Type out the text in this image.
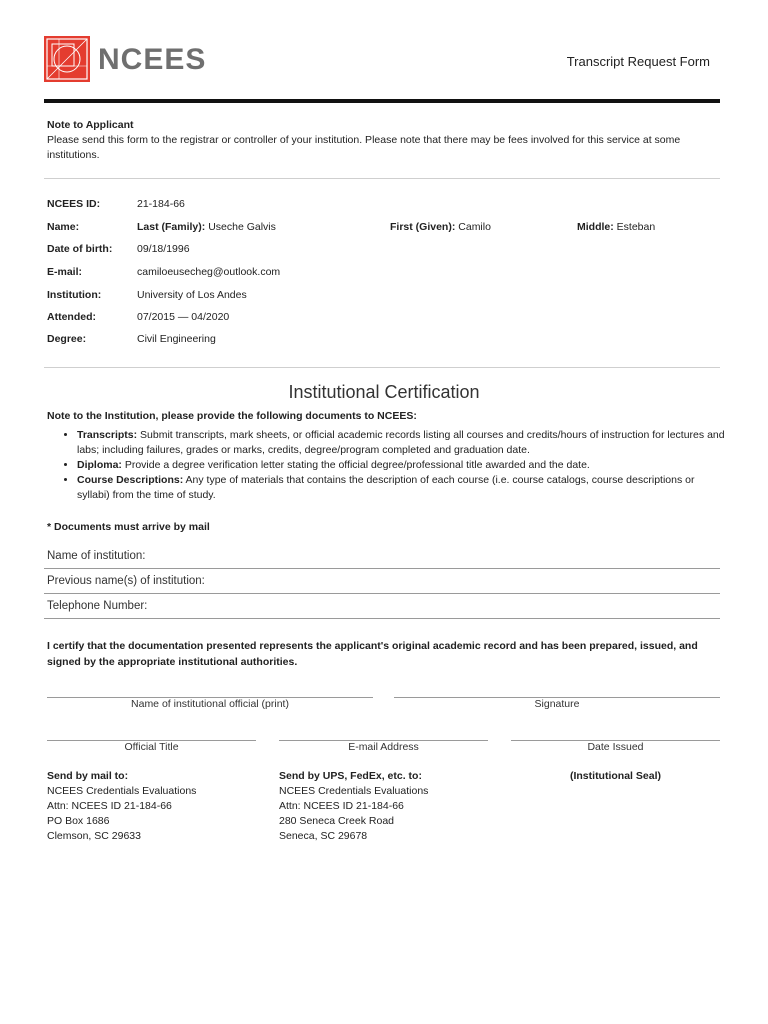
NCEES	Transcript Request Form
Note to Applicant
Please send this form to the registrar or controller of your institution. Please note that there may be fees involved for this service at some institutions.
NCEES ID:	21-184-66
Name:	Last (Family): Useche Galvis	First (Given): Camilo	Middle: Esteban
Date of birth: 09/18/1996
E-mail:	camiloeusecheg@outlook.com
Institution:	University of Los Andes
Attended:	07/2015 — 04/2020
Degree:	Civil Engineering
Institutional Certification
Note to the Institution, please provide the following documents to NCEES:
• Transcripts: Submit transcripts, mark sheets, or official academic records listing all courses and credits/hours of instruction for lectures and labs; including failures, grades or marks, credits, degree/program completed and graduation date.
• Diploma: Provide a degree verification letter stating the official degree/professional title awarded and the date.
• Course Descriptions: Any type of materials that contains the description of each course (i.e. course catalogs, course descriptions or syllabi) from the time of study.
* Documents must arrive by mail
Name of institution:
Previous name(s) of institution:
Telephone Number:
I certify that the documentation presented represents the applicant's original academic record and has been prepared, issued, and signed by the appropriate institutional authorities.
Name of institutional official (print)	Signature
Official Title	E-mail Address	Date Issued
Send by mail to:
NCEES Credentials Evaluations
Attn: NCEES ID 21-184-66
PO Box 1686
Clemson, SC 29633
Send by UPS, FedEx, etc. to:
NCEES Credentials Evaluations
Attn: NCEES ID 21-184-66
280 Seneca Creek Road
Seneca, SC 29678
(Institutional Seal)
